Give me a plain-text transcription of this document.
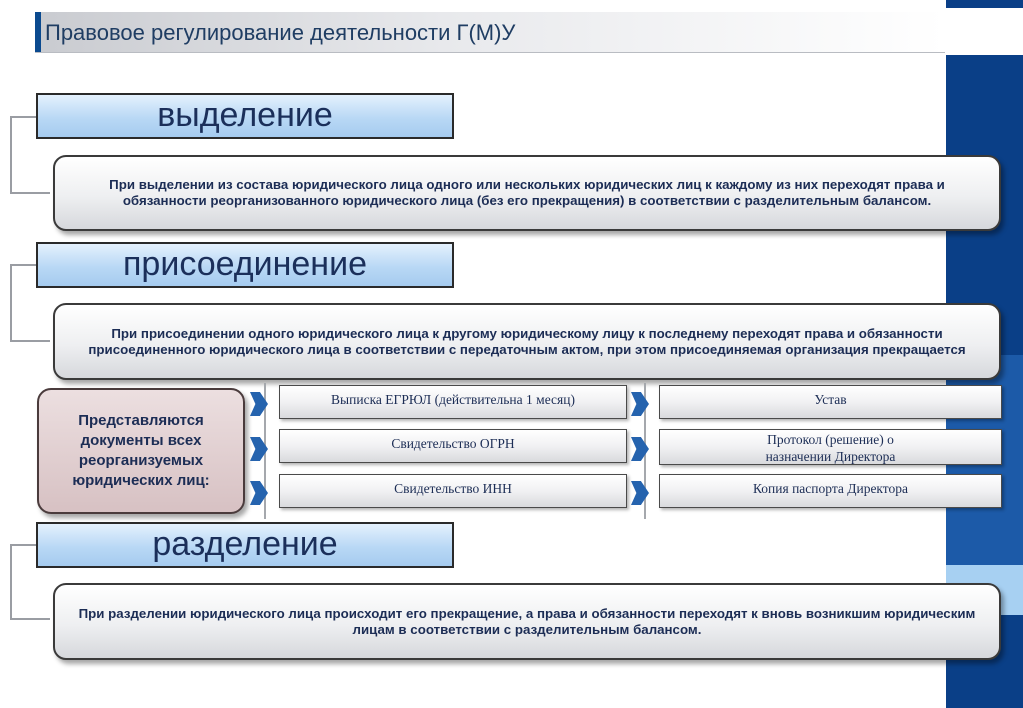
Правовое регулирование деятельности Г(М)У
выделение
При выделении из состава юридического лица одного или нескольких юридических лиц к каждому из них переходят права и обязанности реорганизованного юридического лица (без его прекращения) в соответствии с разделительным балансом.
присоединение
При присоединении одного юридического лица к другому юридическому лицу к последнему переходят права и обязанности присоединенного юридического лица в соответствии с передаточным актом, при этом присоединяемая организация прекращается
Представляются документы всех реорганизуемых юридических лиц:
Выписка ЕГРЮЛ (действительна 1 месяц)	Устав
Свидетельство ОГРН	Протокол (решение) о назначении Директора
Свидетельство ИНН	Копия паспорта Директора
разделение
При разделении юридического лица происходит его прекращение, а права и обязанности переходят к вновь возникшим юридическим лицам в соответствии с разделительным балансом.
